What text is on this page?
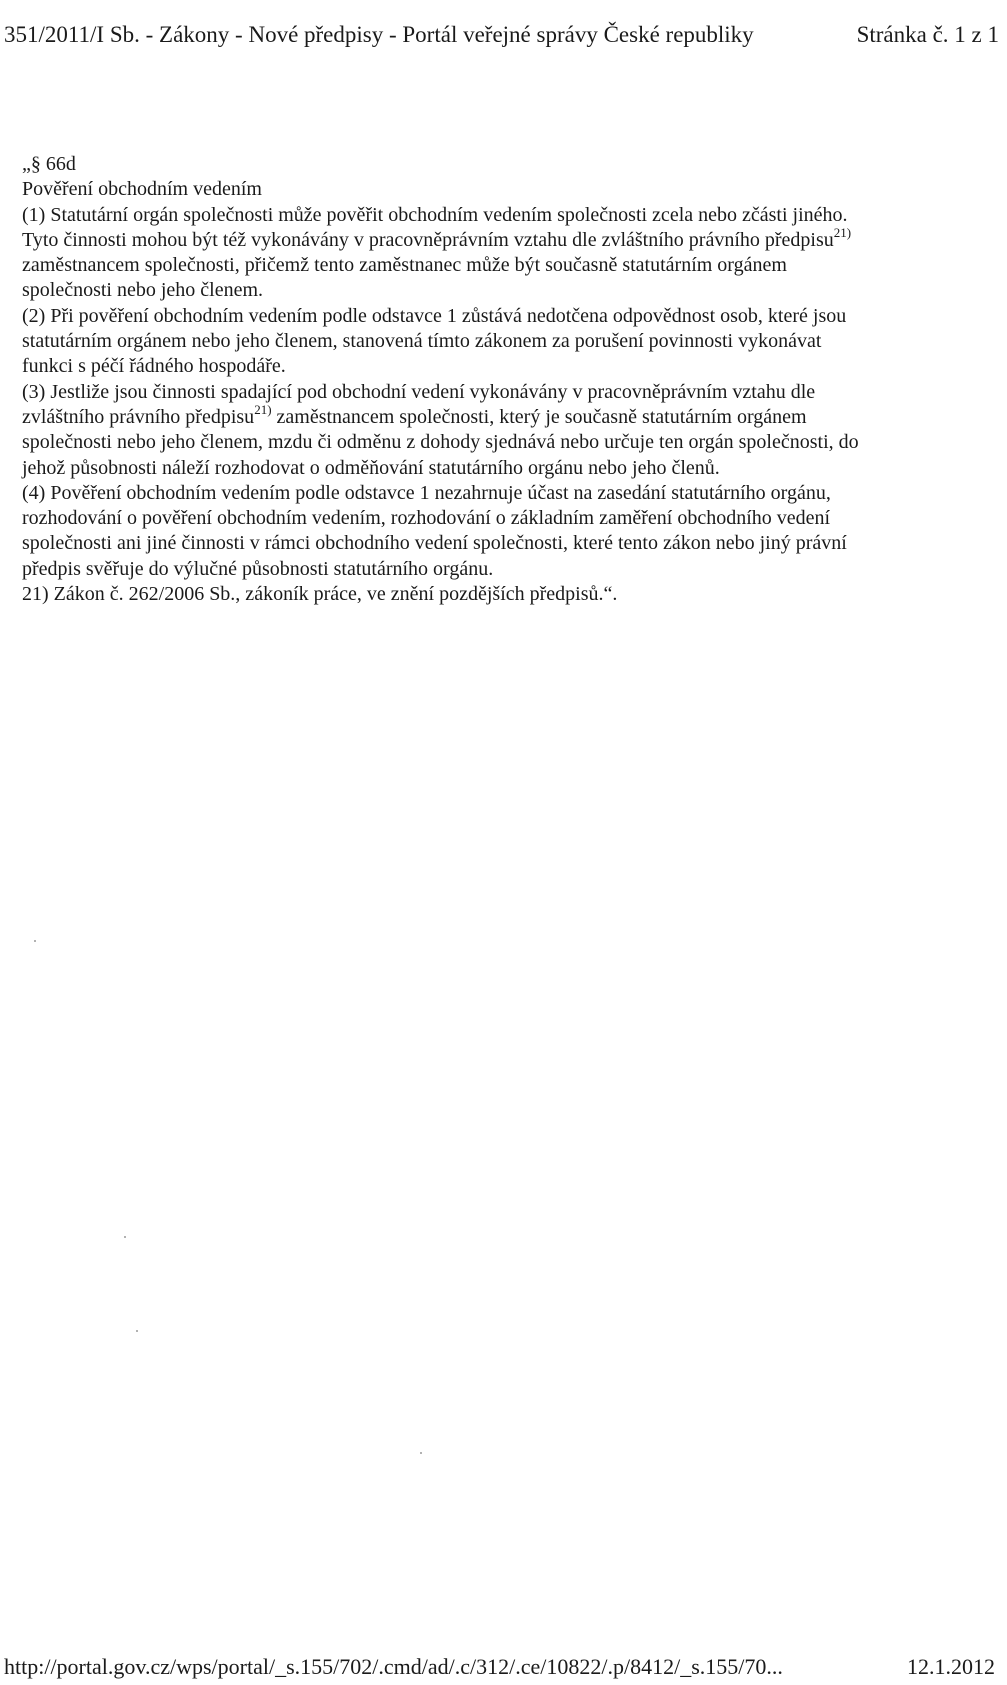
351/2011/I Sb. - Zákony - Nové předpisy - Portál veřejné správy České republiky	Stránka č. 1 z 1

„§ 66d

Pověření obchodním vedením

(1) Statutární orgán společnosti může pověřit obchodním vedením společnosti zcela nebo zčásti jiného.

Tyto činnosti mohou být též vykonávány v pracovněprávním vztahu dle zvláštního právního předpisu$^{21)}$

zaměstnancem společnosti, přičemž tento zaměstnanec může být současně statutárním orgánem

společnosti nebo jeho členem.

(2) Při pověření obchodním vedením podle odstavce 1 zůstává nedotčena odpovědnost osob, které jsou

statutárním orgánem nebo jeho členem, stanovená tímto zákonem za porušení povinnosti vykonávat

funkci s péčí řádného hospodáře.

(3) Jestliže jsou činnosti spadající pod obchodní vedení vykonávány v pracovněprávním vztahu dle

zvláštního právního předpisu$^{21)}$ zaměstnancem společnosti, který je současně statutárním orgánem

společnosti nebo jeho členem, mzdu či odměnu z dohody sjednává nebo určuje ten orgán společnosti, do

jehož působnosti náleží rozhodovat o odměňování statutárního orgánu nebo jeho členů.

(4) Pověření obchodním vedením podle odstavce 1 nezahrnuje účast na zasedání statutárního orgánu,

rozhodování o pověření obchodním vedením, rozhodování o základním zaměření obchodního vedení

společnosti ani jiné činnosti v rámci obchodního vedení společnosti, které tento zákon nebo jiný právní

předpis svěřuje do výlučné působnosti statutárního orgánu.

21) Zákon č. 262/2006 Sb., zákoník práce, ve znění pozdějších předpisů.“.

http://portal.gov.cz/wps/portal/_s.155/702/.cmd/ad/.c/312/.ce/10822/.p/8412/_s.155/70...	12.1.2012
